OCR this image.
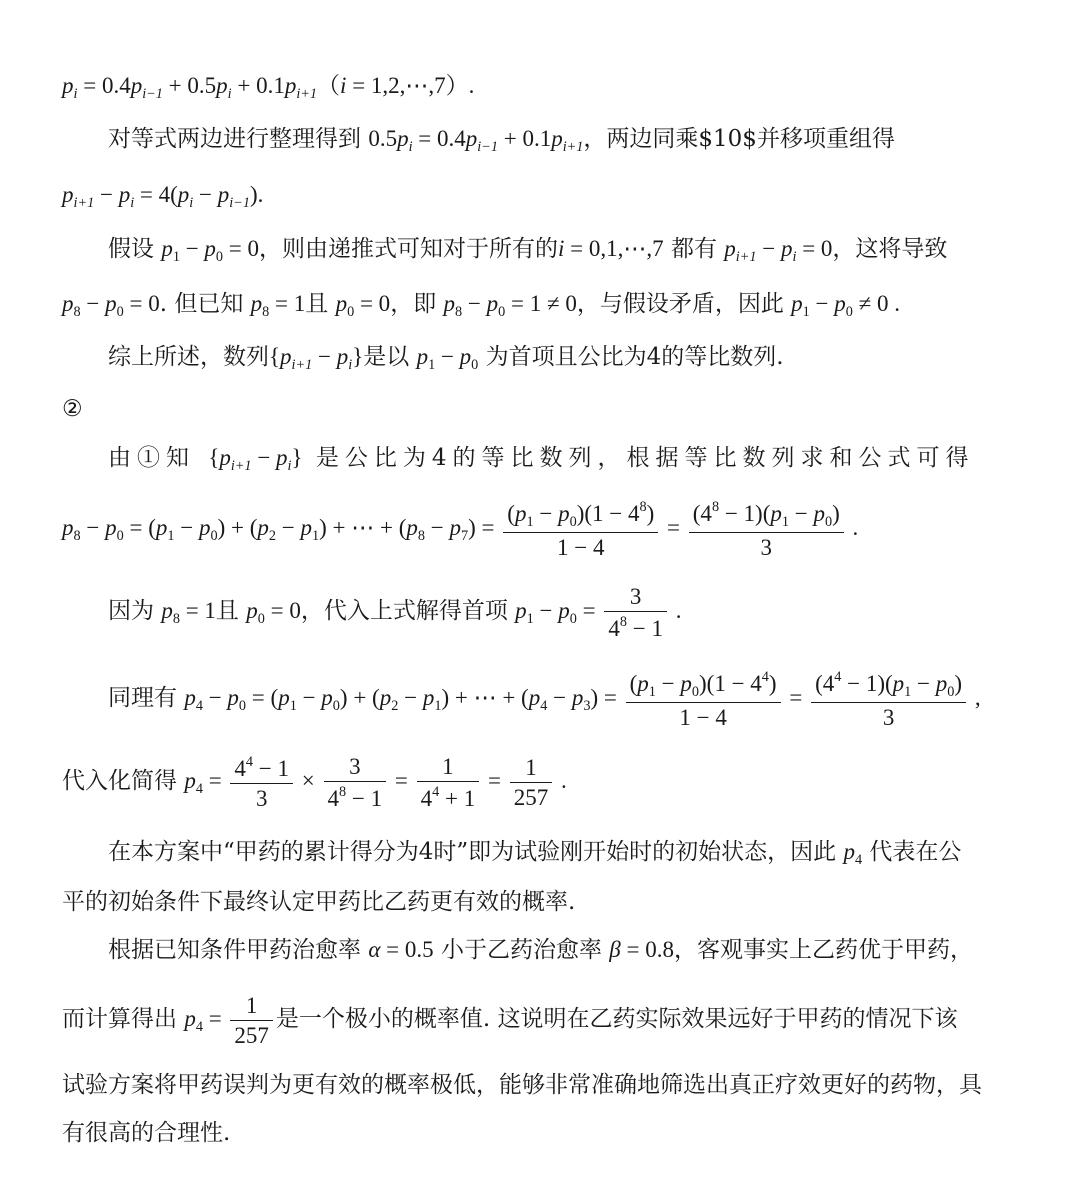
$p_i = 0.4p_{i-1} + 0.5p_i + 0.1p_{i+1}(i$ = 1,2,⋯,7）.
对等式两边进行整理得到 $0.5p_i = 0.4p_{i-1} + 0.1p_{i+1}$，两边同乘$10$并移项重组得
$p_{i+1} - p_i = 4(p_i - p_{i-1})$.
假设 $p_1 - p_0 = 0$，则由递推式可知对于所有的i = 0,1,⋯,7 都有 $p_{i+1} - p_i = 0$，这将导致
$p_8 - p_0 = 0$. 但已知 $p_8 = 1$且 $p_0 = 0$，即 $p_8 - p_0 = 1 \ne 0$，与假设矛盾，因此 $p_1 - p_0 \ne 0$ .
综上所述，数列$\{p_{i+1} - p_i\}$是以 $p_1 - p_0$ 为首项且公比为4的等比数列.
②
由①知 $\{p_{i+1} - p_i\}$ 是公比为4的等比数列，根据等比数列求和公式可得
$p_8 - p_0 = (p_1 - p_0) + (p_2 - p_1)$ + ⋯ + $(p_8 - p_7) = \frac{(p_1 - p_0)(1 - 4^8)}{1 - 4} = \frac{(4^8 - 1)(p_1 - p_0)}{3}$ .
因为 $p_8 = 1$且 $p_0 = 0$，代入上式解得首项 $p_1 - p_0 = \frac{3}{4^8 - 1}$ .
同理有 $p_4 - p_0 = (p_1 - p_0) + (p_2 - p_1)$ + ⋯ + $(p_4 - p_3) = \frac{(p_1 - p_0)(1 - 4^4)}{1 - 4} = \frac{(4^4 - 1)(p_1 - p_0)}{3}$ ,
代入化简得 $p_4 = \frac{4^4 - 1}{3} \times \frac{3}{4^8 - 1} = \frac{1}{4^4 + 1} = \frac{1}{257}$ .
在本方案中“甲药的累计得分为4时”即为试验刚开始时的初始状态，因此 $p_4$ 代表在公
平的初始条件下最终认定甲药比乙药更有效的概率.
根据已知条件甲药治愈率 α = 0.5 小于乙药治愈率 β = 0.8，客观事实上乙药优于甲药，
而计算得出 $p_4 = \frac{1}{257}$ 是一个极小的概率值. 这说明在乙药实际效果远好于甲药的情况下该
试验方案将甲药误判为更有效的概率极低，能够非常准确地筛选出真正疗效更好的药物，具
有很高的合理性.
